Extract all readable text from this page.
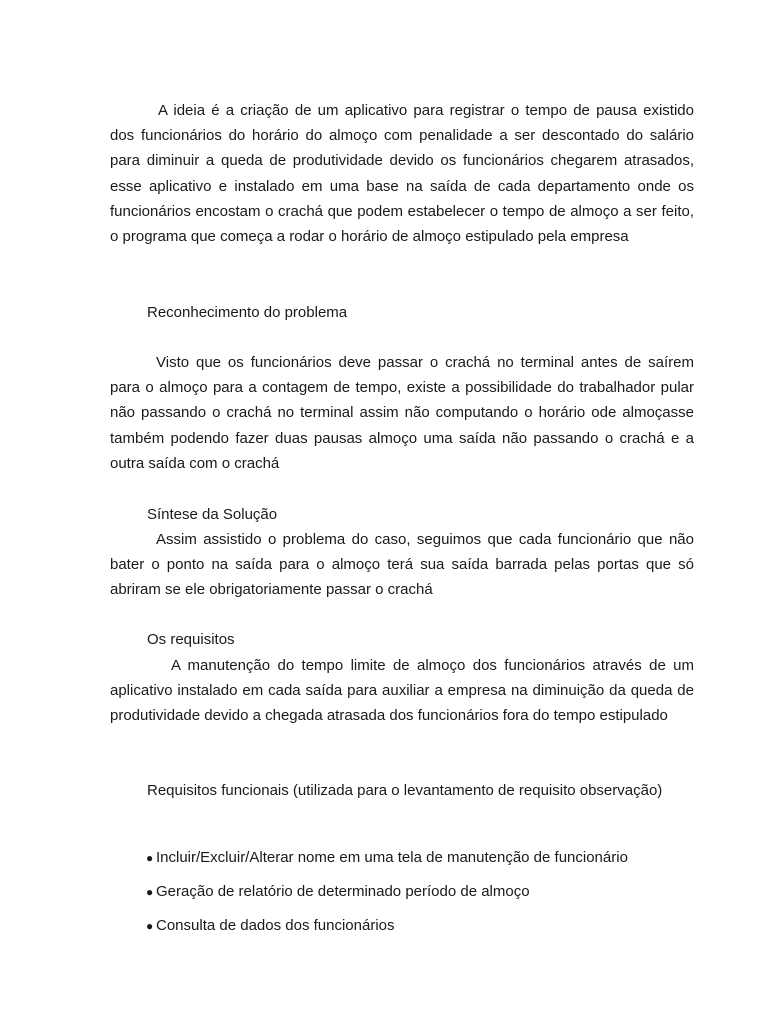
A ideia é a criação de um aplicativo para registrar o tempo de pausa existido dos funcionários do horário do almoço com penalidade a ser descontado do salário para diminuir a queda de produtividade devido os funcionários chegarem atrasados, esse aplicativo e instalado em uma base na saída de cada departamento onde os funcionários encostam o crachá que podem estabelecer o tempo de almoço a ser feito, o programa que começa a rodar o horário de almoço estipulado pela empresa

Reconhecimento do problema

Visto que os funcionários deve passar o crachá no terminal antes de saírem para o almoço para a contagem de tempo, existe a possibilidade do trabalhador pular não passando o crachá no terminal assim não computando o horário ode almoçasse também podendo fazer duas pausas almoço uma saída não passando o crachá e a outra saída com o crachá

Síntese da Solução

Assim assistido o problema do caso, seguimos que cada funcionário que não bater o ponto na saída para o almoço terá sua saída barrada pelas portas que só abriram se ele obrigatoriamente passar o crachá

Os requisitos

A manutenção do tempo limite de almoço dos funcionários através de um aplicativo instalado em cada saída para auxiliar a empresa na diminuição da queda de produtividade devido a chegada atrasada dos funcionários fora do tempo estipulado

Requisitos funcionais (utilizada para o levantamento de requisito observação)

● Incluir/Excluir/Alterar nome em uma tela de manutenção de funcionário
● Geração de relatório de determinado período de almoço
● Consulta de dados dos funcionários
